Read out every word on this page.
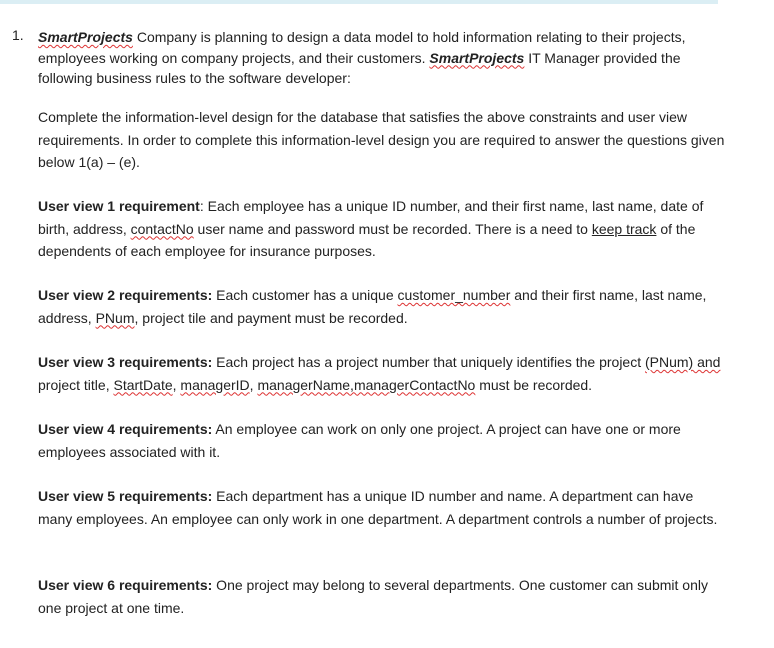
1. SmartProjects Company is planning to design a data model to hold information relating to their projects, employees working on company projects, and their customers. SmartProjects IT Manager provided the following business rules to the software developer:
Complete the information-level design for the database that satisfies the above constraints and user view requirements. In order to complete this information-level design you are required to answer the questions given below 1(a) – (e).
User view 1 requirement: Each employee has a unique ID number, and their first name, last name, date of birth, address, contactNo user name and password must be recorded. There is a need to keep track of the dependents of each employee for insurance purposes.
User view 2 requirements: Each customer has a unique customer_number and their first name, last name, address, PNum, project tile and payment must be recorded.
User view 3 requirements: Each project has a project number that uniquely identifies the project (PNum) and project title, StartDate, managerID, managerName,managerContactNo must be recorded.
User view 4 requirements: An employee can work on only one project. A project can have one or more employees associated with it.
User view 5 requirements: Each department has a unique ID number and name. A department can have many employees. An employee can only work in one department. A department controls a number of projects.
User view 6 requirements: One project may belong to several departments. One customer can submit only one project at one time.
